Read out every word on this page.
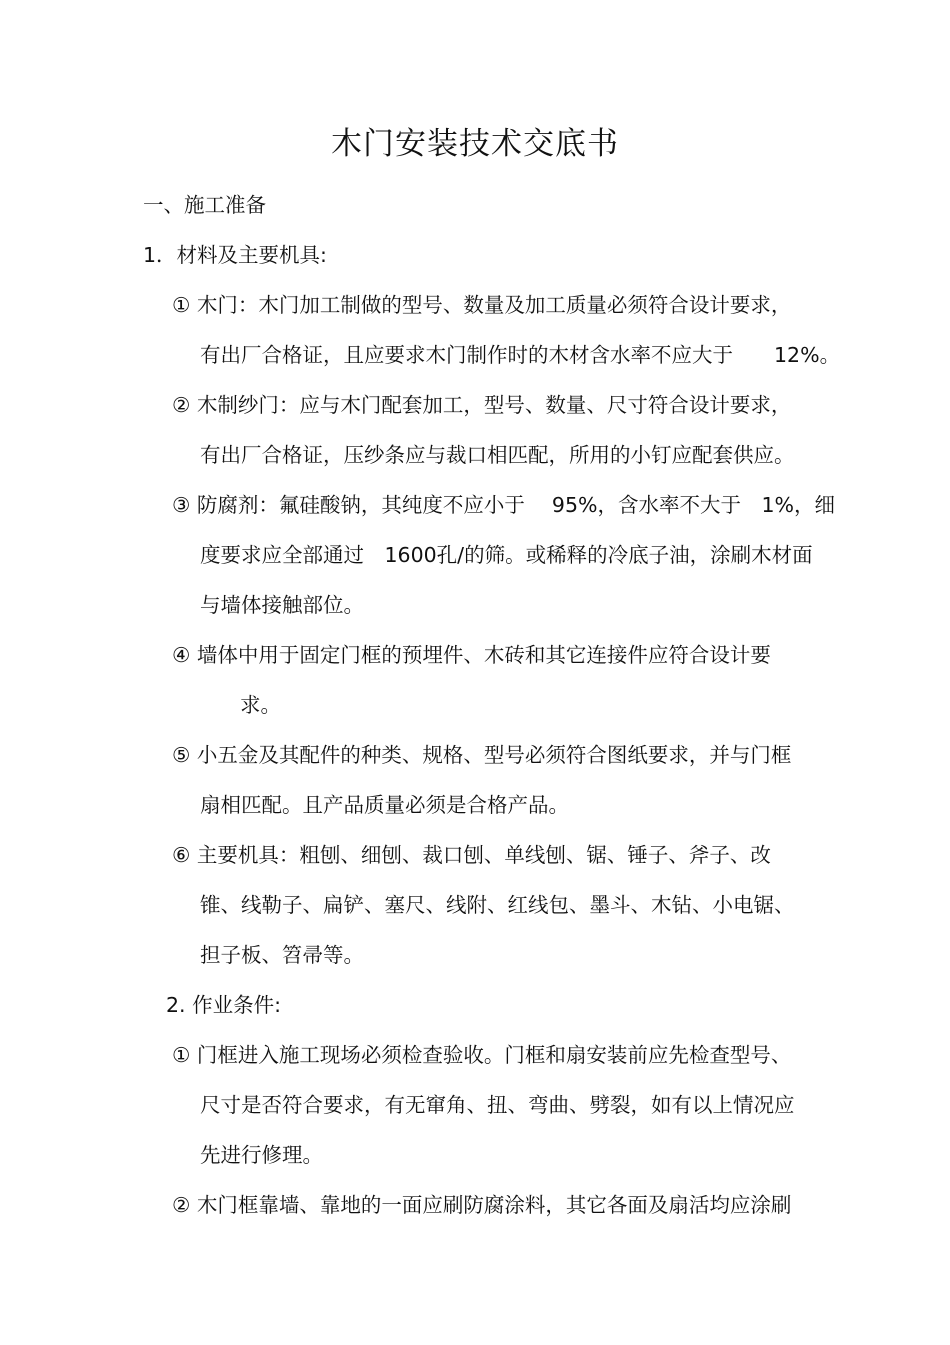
木门安装技术交底书

一、施工准备

1．材料及主要机具:

① 木门：木门加工制做的型号、数量及加工质量必须符合设计要求，

有出厂合格证，且应要求木门制作时的木材含水率不应大于　　12%。

② 木制纱门：应与木门配套加工，型号、数量、尺寸符合设计要求，

有出厂合格证，压纱条应与裁口相匹配，所用的小钉应配套供应。

③ 防腐剂：氟硅酸钠，其纯度不应小于　 95%，含水率不大于　1%，细

度要求应全部通过　1600孔/的筛。或稀释的冷底子油，涂刷木材面

与墙体接触部位。

④ 墙体中用于固定门框的预埋件、木砖和其它连接件应符合设计要

求。

⑤ 小五金及其配件的种类、规格、型号必须符合图纸要求，并与门框

扇相匹配。且产品质量必须是合格产品。

⑥ 主要机具：粗刨、细刨、裁口刨、单线刨、锯、锤子、斧子、改

锥、线勒子、扁铲、塞尺、线附、红线包、墨斗、木钻、小电锯、

担子板、笤帚等。

2. 作业条件:

① 门框进入施工现场必须检查验收。门框和扇安装前应先检查型号、

尺寸是否符合要求，有无窜角、扭、弯曲、劈裂，如有以上情况应

先进行修理。

② 木门框靠墙、靠地的一面应刷防腐涂料，其它各面及扇活均应涂刷
